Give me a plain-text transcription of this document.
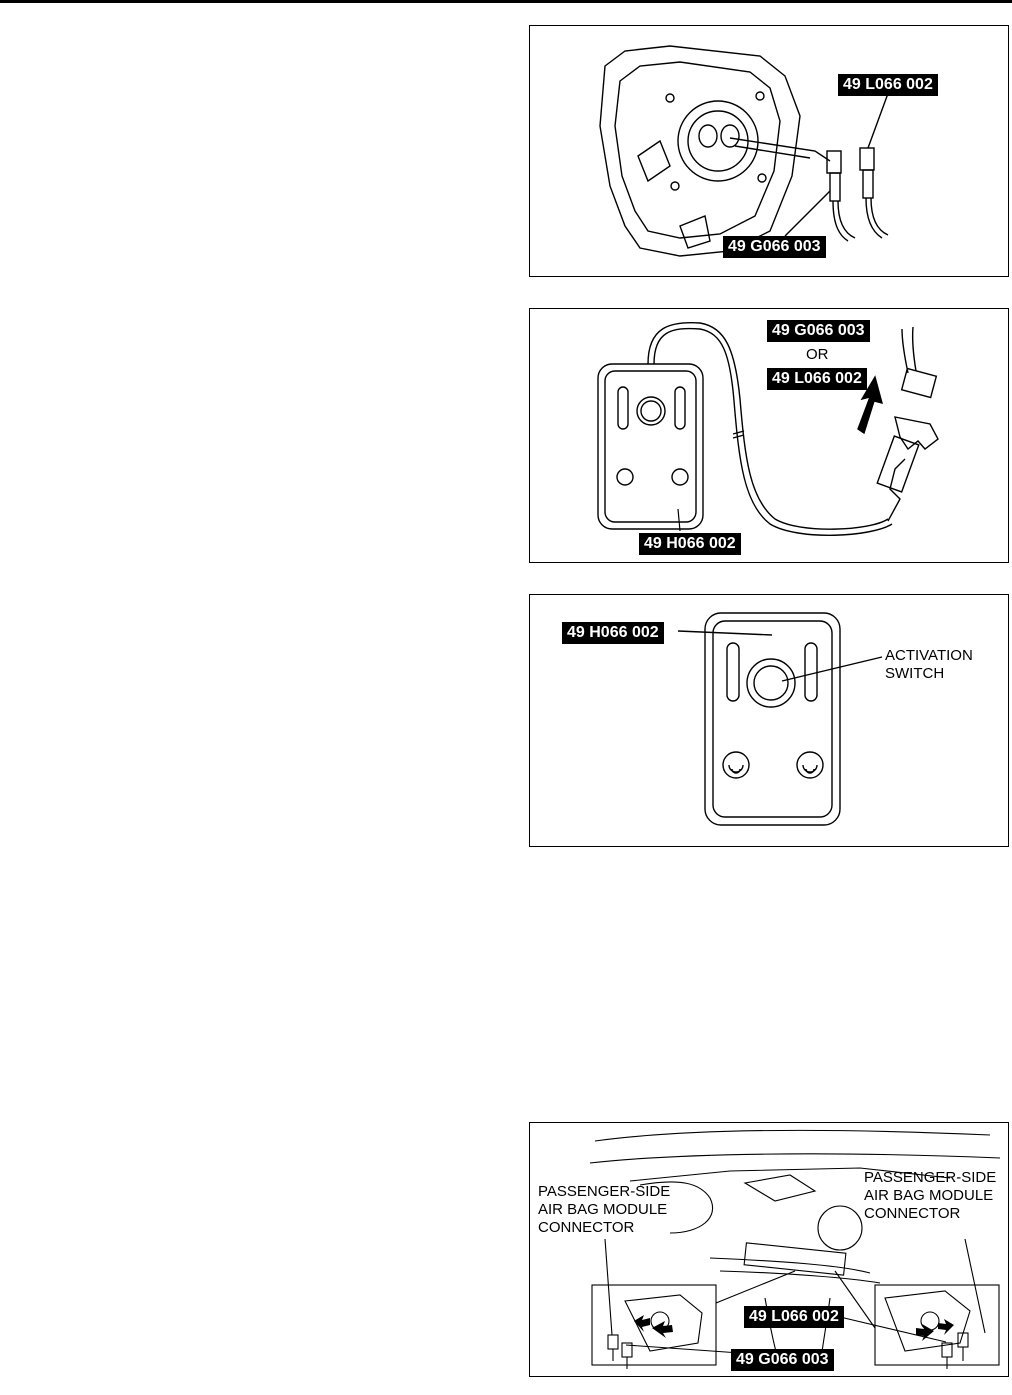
49 L066 002
49 G066 003
49 G066 003
OR
49 L066 002
49 H066 002
49 H066 002
ACTIVATION
SWITCH
PASSENGER-SIDE
AIR BAG MODULE
CONNECTOR
PASSENGER-SIDE
AIR BAG MODULE
CONNECTOR
49 L066 002
49 G066 003
